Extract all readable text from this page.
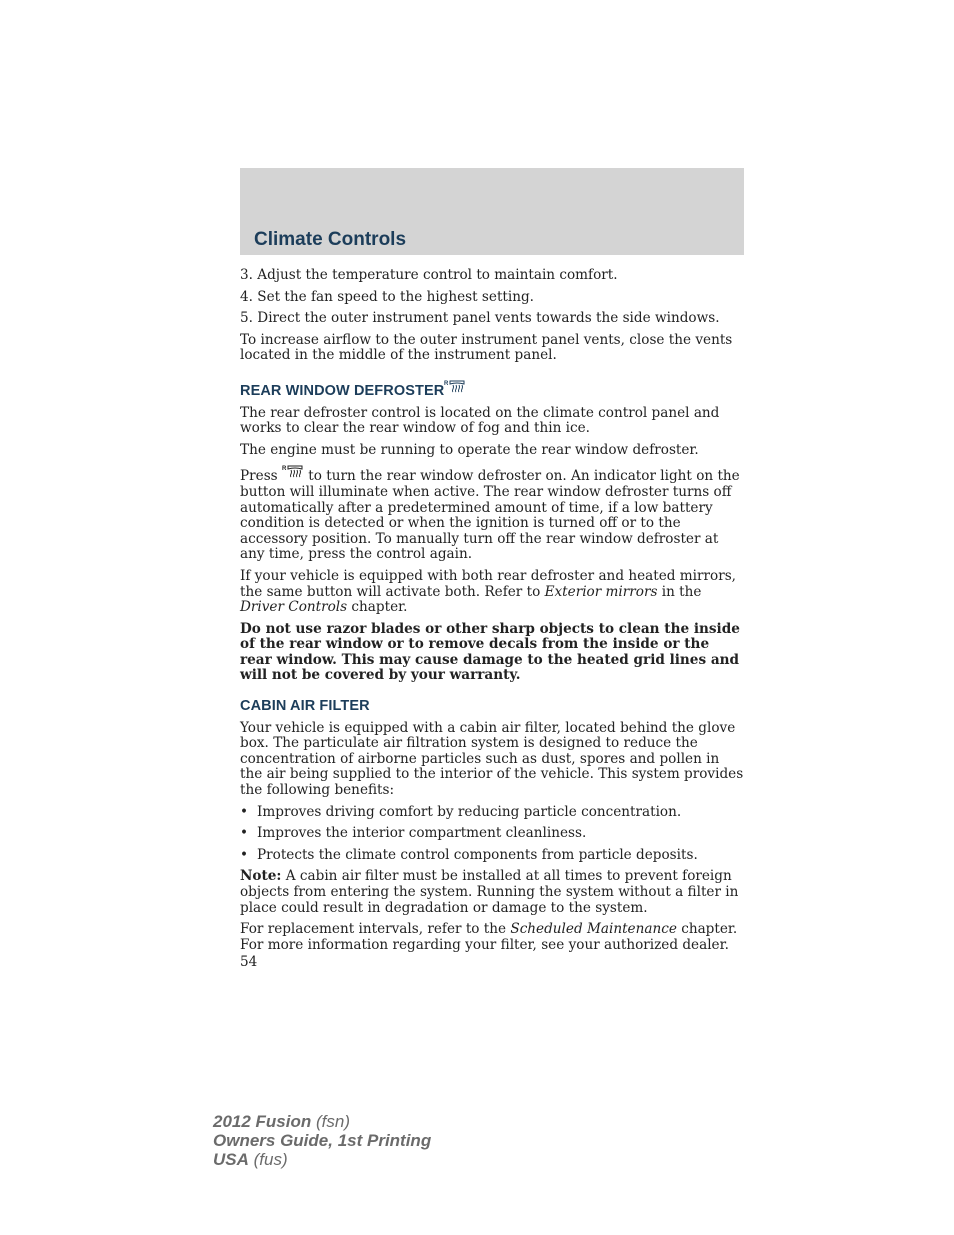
Climate Controls

3. Adjust the temperature control to maintain comfort.

4. Set the fan speed to the highest setting.

5. Direct the outer instrument panel vents towards the side windows.

To increase airflow to the outer instrument panel vents, close the vents located in the middle of the instrument panel.

REAR WINDOW DEFROSTER R

The rear defroster control is located on the climate control panel and works to clear the rear window of fog and thin ice.

The engine must be running to operate the rear window defroster.

Press R to turn the rear window defroster on. An indicator light on the button will illuminate when active. The rear window defroster turns off automatically after a predetermined amount of time, if a low battery condition is detected or when the ignition is turned off or to the accessory position. To manually turn off the rear window defroster at any time, press the control again.

If your vehicle is equipped with both rear defroster and heated mirrors, the same button will activate both. Refer to Exterior mirrors in the Driver Controls chapter.

Do not use razor blades or other sharp objects to clean the inside of the rear window or to remove decals from the inside or the rear window. This may cause damage to the heated grid lines and will not be covered by your warranty.

CABIN AIR FILTER

Your vehicle is equipped with a cabin air filter, located behind the glove box. The particulate air filtration system is designed to reduce the concentration of airborne particles such as dust, spores and pollen in the air being supplied to the interior of the vehicle. This system provides the following benefits:

• Improves driving comfort by reducing particle concentration.
• Improves the interior compartment cleanliness.
• Protects the climate control components from particle deposits.

Note: A cabin air filter must be installed at all times to prevent foreign objects from entering the system. Running the system without a filter in place could result in degradation or damage to the system.

For replacement intervals, refer to the Scheduled Maintenance chapter. For more information regarding your filter, see your authorized dealer.

54
2012 Fusion (fsn)
Owners Guide, 1st Printing
USA (fus)
